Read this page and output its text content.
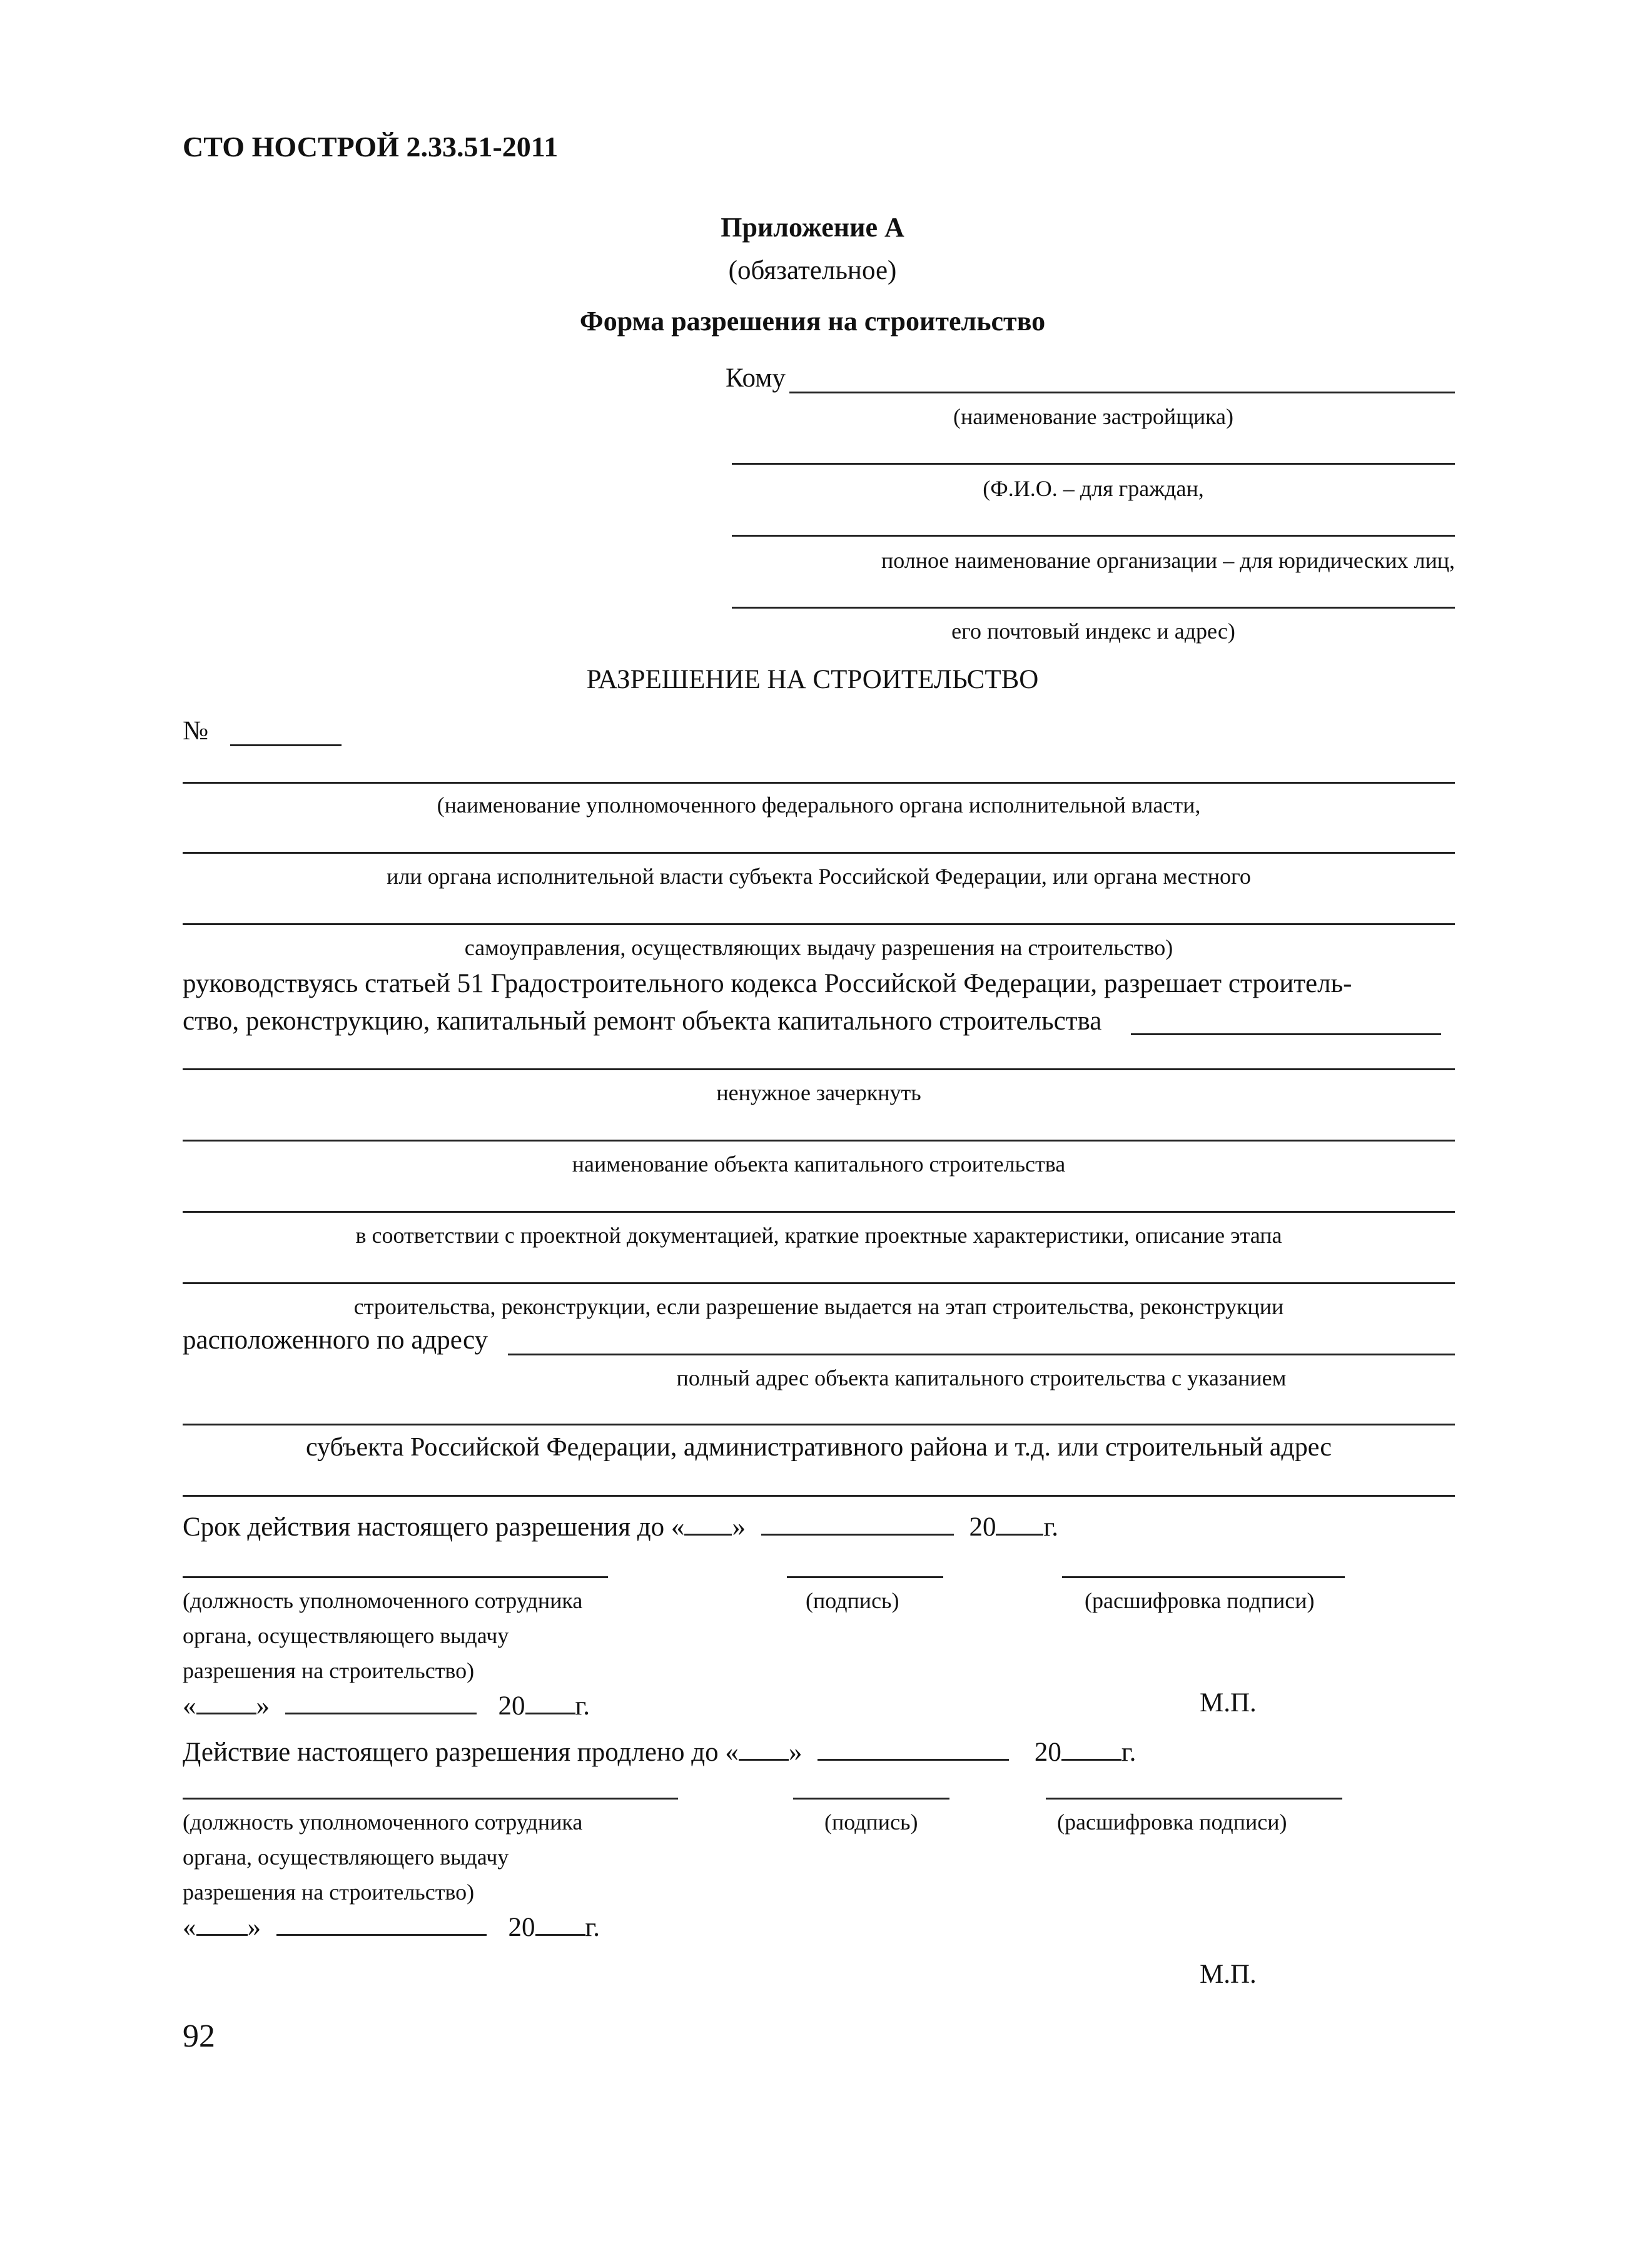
СТО НОСТРОЙ 2.33.51-2011
Приложение А
(обязательное)
Форма разрешения на строительство
Кому
(наименование застройщика)
(Ф.И.О. – для граждан,
полное наименование организации – для юридических лиц,
его почтовый индекс и адрес)
РАЗРЕШЕНИЕ НА СТРОИТЕЛЬСТВО
№
(наименование уполномоченного федерального органа исполнительной власти,
или органа исполнительной власти субъекта Российской Федерации, или органа местного
самоуправления, осуществляющих выдачу разрешения на строительство)
руководствуясь статьей 51 Градостроительного кодекса Российской Федерации, разрешает строитель-
ство, реконструкцию, капитальный ремонт объекта капитального строительства
ненужное зачеркнуть
наименование объекта капитального строительства
в соответствии с проектной документацией, краткие проектные характеристики, описание этапа
строительства, реконструкции, если разрешение выдается на этап строительства, реконструкции
расположенного по адресу
полный адрес объекта капитального строительства с указанием
субъекта Российской Федерации, административного района и т.д. или строительный адрес
Срок действия настоящего разрешения до « »	20 г.
(должность уполномоченного сотрудника
органа, осуществляющего выдачу
разрешения на строительство)
(подпись)	(расшифровка подписи)
« »	20 г.	М.П.
Действие настоящего разрешения продлено до « »	20 г.
(должность уполномоченного сотрудника
органа, осуществляющего выдачу
разрешения на строительство)
(подпись)	(расшифровка подписи)
« »	20 г.
М.П.
92
